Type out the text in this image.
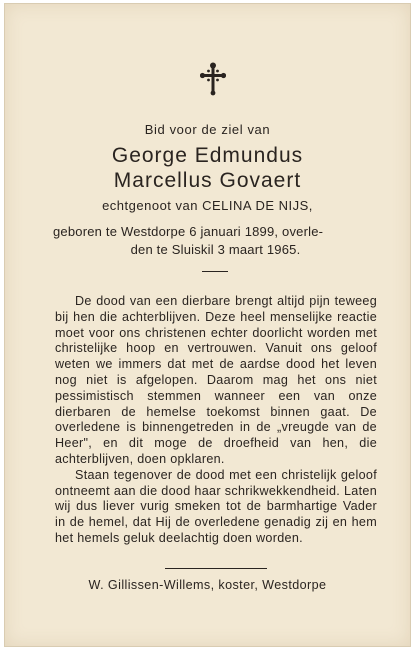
Bid voor de ziel van
George Edmundus
Marcellus Govaert
echtgenoot van CELINA DE NIJS,
geboren te Westdorpe 6 januari 1899, overle-
den te Sluiskil 3 maart 1965.

De dood van een dierbare brengt altijd pijn teweeg bij hen die achterblijven. Deze heel menselijke reactie moet voor ons christenen echter doorlicht worden met christelijke hoop en vertrouwen. Vanuit ons geloof weten we immers dat met de aardse dood het leven nog niet is afgelopen. Daarom mag het ons niet pessimistisch stemmen wanneer een van onze dierbaren de hemelse toekomst binnen gaat. De overledene is binnengetreden in de „vreugde van de Heer", en dit moge de droefheid van hen, die achterblijven, doen opklaren.

Staan tegenover de dood met een christelijk geloof ontneemt aan die dood haar schrikwekkendheid. Laten wij dus liever vurig smeken tot de barmhartige Vader in de hemel, dat Hij de overledene genadig zij en hem het hemels geluk deelachtig doen worden.

W. Gillissen-Willems, koster, Westdorpe
